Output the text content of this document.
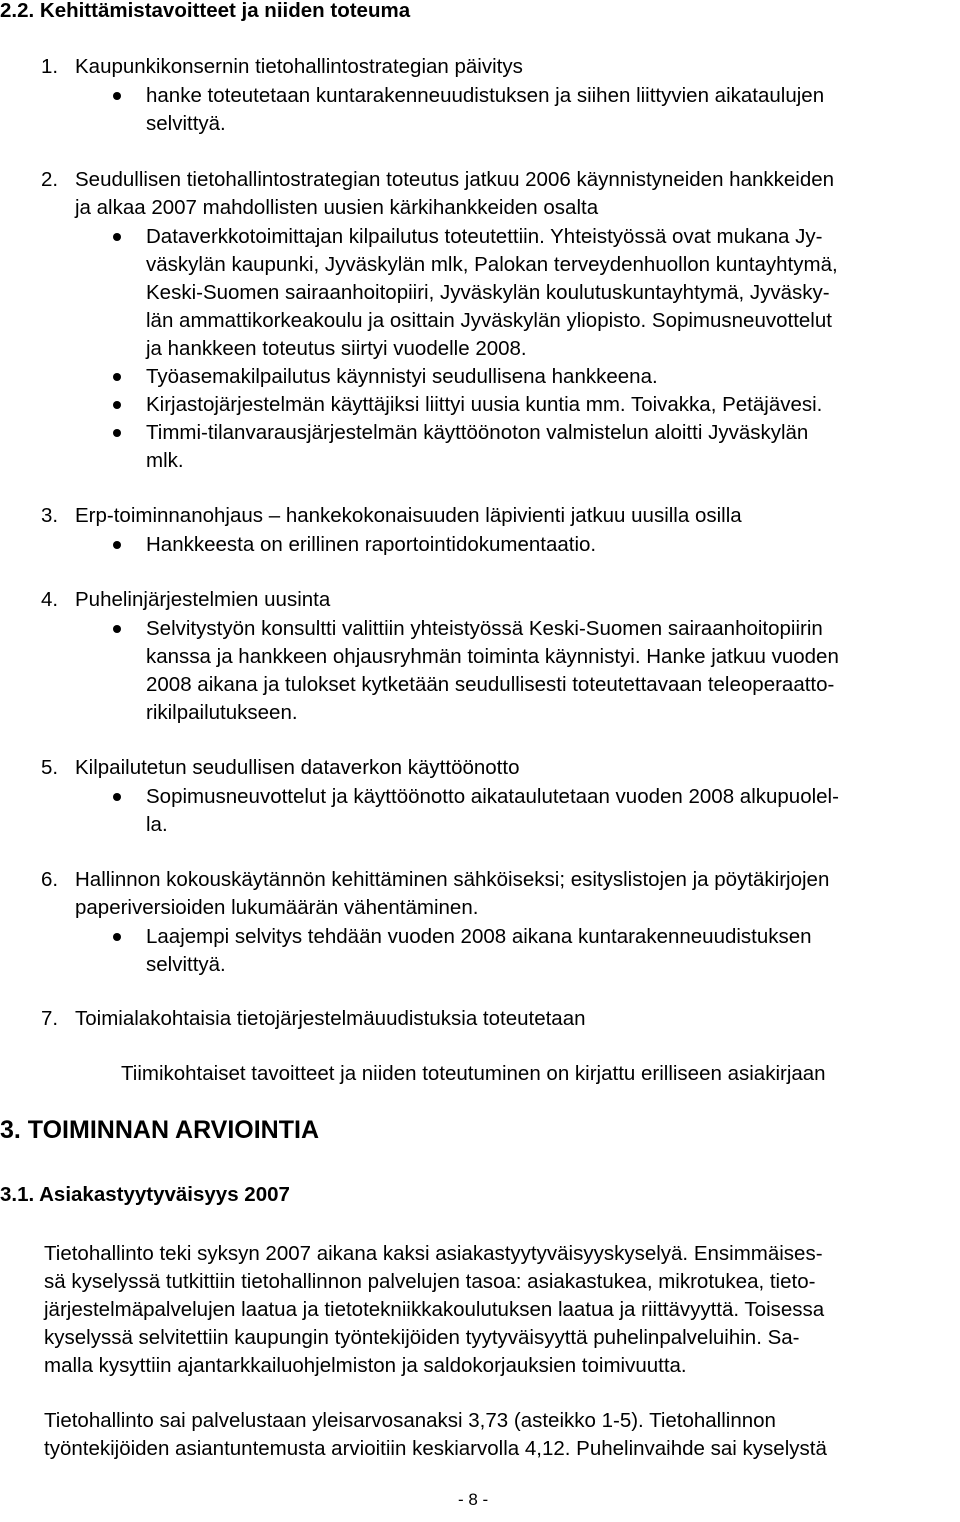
2.2. Kehittämistavoitteet ja niiden toteuma
1. Kaupunkikonsernin tietohallintostrategian päivitys
hanke toteutetaan kuntarakenneuudistuksen ja siihen liittyvien aikataulujen
selvittyä.
2. Seudullisen tietohallintostrategian toteutus jatkuu 2006 käynnistyneiden hankkeiden
ja alkaa 2007 mahdollisten uusien kärkihankkeiden osalta
Dataverkkotoimittajan kilpailutus toteutettiin. Yhteistyössä ovat mukana Jy-
väskylän kaupunki, Jyväskylän mlk, Palokan terveydenhuollon kuntayhtymä,
Keski-Suomen sairaanhoitopiiri, Jyväskylän koulutuskuntayhtymä, Jyväsky-
län ammattikorkeakoulu ja osittain Jyväskylän yliopisto. Sopimusneuvottelut
ja hankkeen toteutus siirtyi vuodelle 2008.
Työasemakilpailutus käynnistyi seudullisena hankkeena.
Kirjastojärjestelmän käyttäjiksi liittyi uusia kuntia mm. Toivakka, Petäjävesi.
Timmi-tilanvarausjärjestelmän käyttöönoton valmistelun aloitti Jyväskylän
mlk.
3. Erp-toiminnanohjaus – hankekokonaisuuden läpivienti jatkuu uusilla osilla
Hankkeesta on erillinen raportointidokumentaatio.
4. Puhelinjärjestelmien uusinta
Selvitystyön konsultti valittiin yhteistyössä Keski-Suomen sairaanhoitopiirin
kanssa ja hankkeen ohjausryhmän toiminta käynnistyi. Hanke jatkuu vuoden
2008 aikana ja tulokset kytketään seudullisesti toteutettavaan teleoperaatto-
rikilpailutukseen.
5. Kilpailutetun seudullisen dataverkon käyttöönotto
Sopimusneuvottelut ja käyttöönotto aikataulutetaan vuoden 2008 alkupuolel-
la.
6. Hallinnon kokouskäytännön kehittäminen sähköiseksi; esityslistojen ja pöytäkirjojen
paperiversioiden lukumäärän vähentäminen.
Laajempi selvitys tehdään vuoden 2008 aikana kuntarakenneuudistuksen
selvittyä.
7. Toimialakohtaisia tietojärjestelmäuudistuksia toteutetaan
Tiimikohtaiset tavoitteet ja niiden toteutuminen on kirjattu erilliseen asiakirjaan
3. TOIMINNAN ARVIOINTIA
3.1. Asiakastyytyväisyys 2007
Tietohallinto teki syksyn 2007 aikana kaksi asiakastyytyväisyyskyselyä. Ensimmäises-
sä kyselyssä tutkittiin tietohallinnon palvelujen tasoa: asiakastukea, mikrotukea, tieto-
järjestelmäpalvelujen laatua ja tietotekniikkakoulutuksen laatua ja riittävyyttä. Toisessa
kyselyssä selvitettiin kaupungin työntekijöiden tyytyväisyyttä puhelinpalveluihin. Sa-
malla kysyttiin ajantarkkailuohjelmiston ja saldokorjauksien toimivuutta.
Tietohallinto sai palvelustaan yleisarvosanaksi 3,73 (asteikko 1-5). Tietohallinnon
työntekijöiden asiantuntemusta arvioitiin keskiarvolla 4,12. Puhelinvaihde sai kyselystä
- 8 -
